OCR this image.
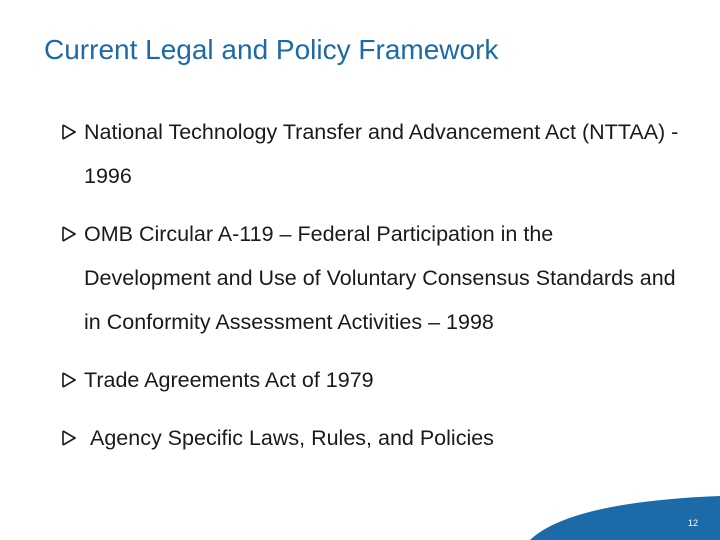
Current Legal and Policy Framework
National Technology Transfer and Advancement Act (NTTAA) - 1996
OMB Circular A-119 – Federal Participation in the Development and Use of Voluntary Consensus Standards and in Conformity Assessment Activities – 1998
Trade Agreements Act of 1979
Agency Specific Laws, Rules, and Policies
12
